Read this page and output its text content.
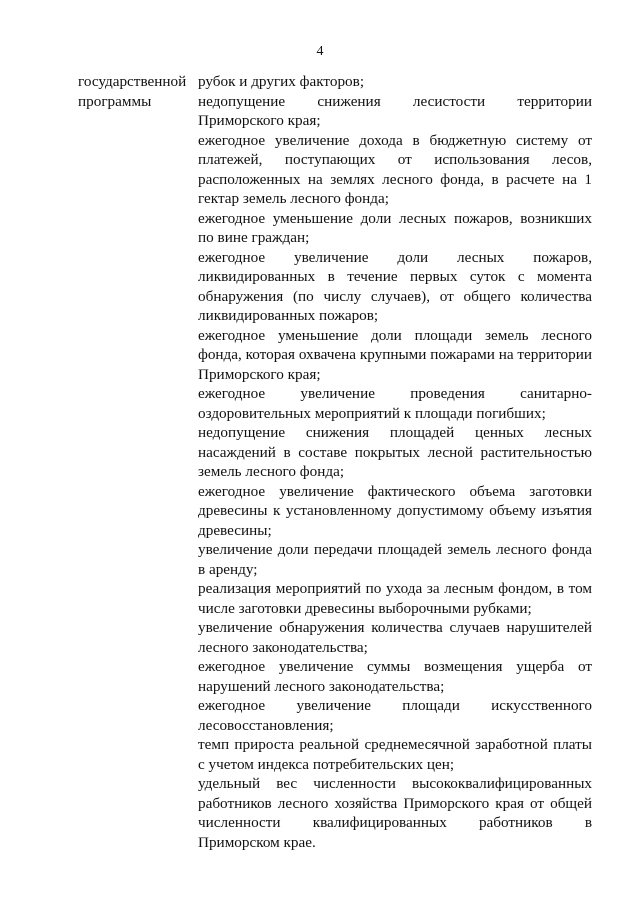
4
государственной
программы

рубок и других факторов;

недопущение снижения лесистости территории Приморского края;

ежегодное увеличение дохода в бюджетную систему от платежей, поступающих от использования лесов, расположенных на землях лесного фонда, в расчете на 1 гектар земель лесного фонда;

ежегодное уменьшение доли лесных пожаров, возникших по вине граждан;

ежегодное увеличение доли лесных пожаров, ликвидированных в течение первых суток с момента обнаружения (по числу случаев), от общего количества ликвидированных пожаров;

ежегодное уменьшение доли площади земель лесного фонда, которая охвачена крупными пожарами на территории Приморского края;

ежегодное увеличение проведения санитарно-оздоровительных мероприятий к площади погибших;

недопущение снижения площадей ценных лесных насаждений в составе покрытых лесной растительностью земель лесного фонда;

ежегодное увеличение фактического объема заготовки древесины к установленному допустимому объему изъятия древесины;

увеличение доли передачи площадей земель лесного фонда в аренду;

реализация мероприятий по ухода за лесным фондом, в том числе заготовки древесины выборочными рубками;

увеличение обнаружения количества случаев нарушителей лесного законодательства;

ежегодное увеличение суммы возмещения ущерба от нарушений лесного законодательства;

ежегодное увеличение площади искусственного лесовосстановления;

темп прироста реальной среднемесячной заработной платы с учетом индекса потребительских цен;

удельный вес численности высококвалифицированных работников лесного хозяйства Приморского края от общей численности квалифицированных работников в Приморском крае.
